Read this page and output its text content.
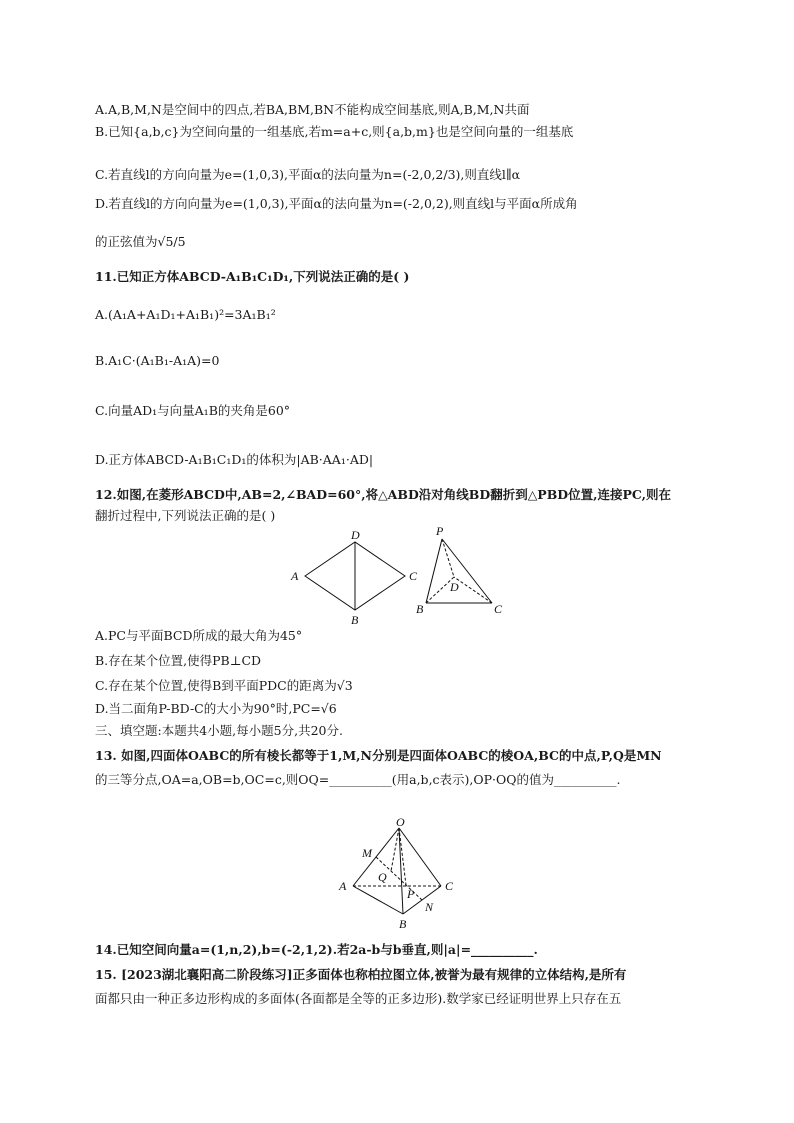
A.A,B,M,N是空间中的四点,若BA,BM,BN不能构成空间基底,则A,B,M,N共面
B.已知{a,b,c}为空间向量的一组基底,若m=a+c,则{a,b,m}也是空间向量的一组基底
C.若直线l的方向向量为e=(1,0,3),平面α的法向量为n=(-2,0,2/3),则直线l∥α
D.若直线l的方向向量为e=(1,0,3),平面α的法向量为n=(-2,0,2),则直线l与平面α所成角
的正弦值为√5/5
11.已知正方体ABCD-A₁B₁C₁D₁,下列说法正确的是( )
A.(A₁A+A₁D₁+A₁B₁)²=3A₁B₁²
B.A₁C·(A₁B₁-A₁A)=0
C.向量AD₁与向量A₁B的夹角是60°
D.正方体ABCD-A₁B₁C₁D₁的体积为|AB·AA₁·AD|
12.如图,在菱形ABCD中,AB=2,∠BAD=60°,将△ABD沿对角线BD翻折到△PBD位置,连接PC,则在
翻折过程中,下列说法正确的是( )
A
D
C
B
P
D
B	C
A.PC与平面BCD所成的最大角为45°
B.存在某个位置,使得PB⊥CD
C.存在某个位置,使得B到平面PDC的距离为√3
D.当二面角P-BD-C的大小为90°时,PC=√6
三、填空题:本题共4小题,每小题5分,共20分.
13. 如图,四面体OABC的所有棱长都等于1,M,N分别是四面体OABC的棱OA,BC的中点,P,Q是MN
的三等分点,OA=a,OB=b,OC=c,则OQ=__________(用a,b,c表示),OP·OQ的值为__________.
O
M
Q
A	C
P
N
B
14.已知空间向量a=(1,n,2),b=(-2,1,2).若2a-b与b垂直,则|a|=__________.
15. [2023湖北襄阳高二阶段练习]正多面体也称柏拉图立体,被誉为最有规律的立体结构,是所有
面都只由一种正多边形构成的多面体(各面都是全等的正多边形).数学家已经证明世界上只存在五
